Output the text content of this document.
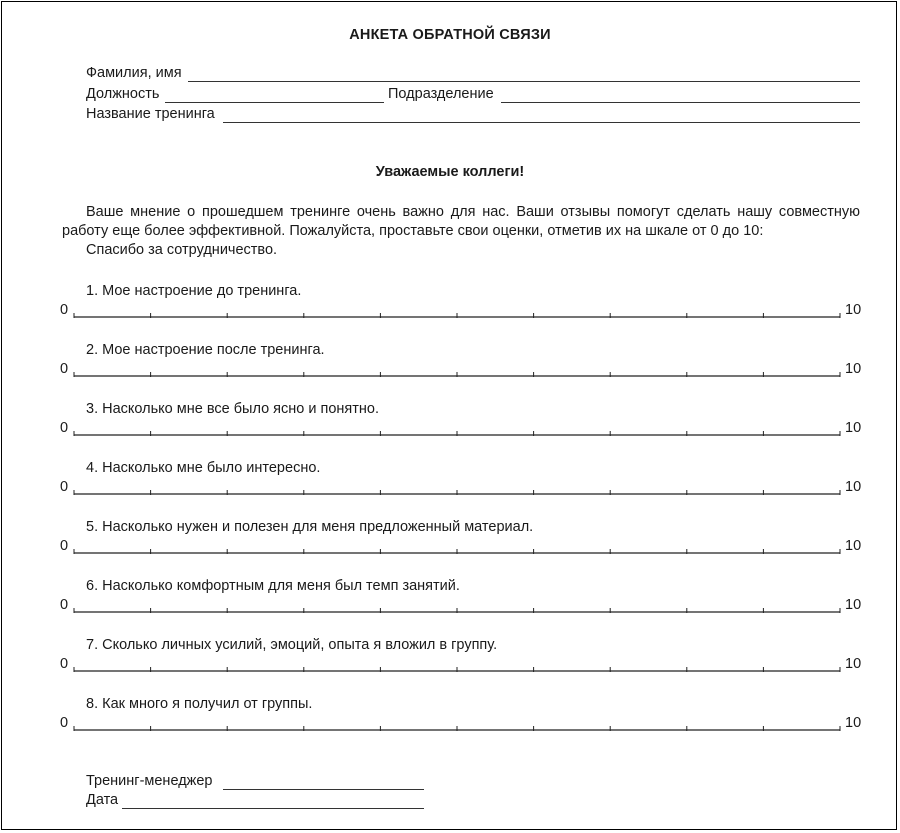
АНКЕТА ОБРАТНОЙ СВЯЗИ
Фамилия, имя
Должность	Подразделение
Название тренинга
Уважаемые коллеги!

Ваше мнение о прошедшем тренинге очень важно для нас. Ваши отзывы помогут сделать нашу совместную работу еще более эффективной. Пожалуйста, проставьте свои оценки, отметив их на шкале от 0 до 10:

Спасибо за сотрудничество.

1. Мое настроение до тренинга.
0	10
2. Мое настроение после тренинга.
0	10
3. Насколько мне все было ясно и понятно.
0	10
4. Насколько мне было интересно.
0	10
5. Насколько нужен и полезен для меня предложенный материал.
0	10
6. Насколько комфортным для меня был темп занятий.
0	10
7. Сколько личных усилий, эмоций, опыта я вложил в группу.
0	10
8. Как много я получил от группы.
0	10
Тренинг-менеджер
Дата
